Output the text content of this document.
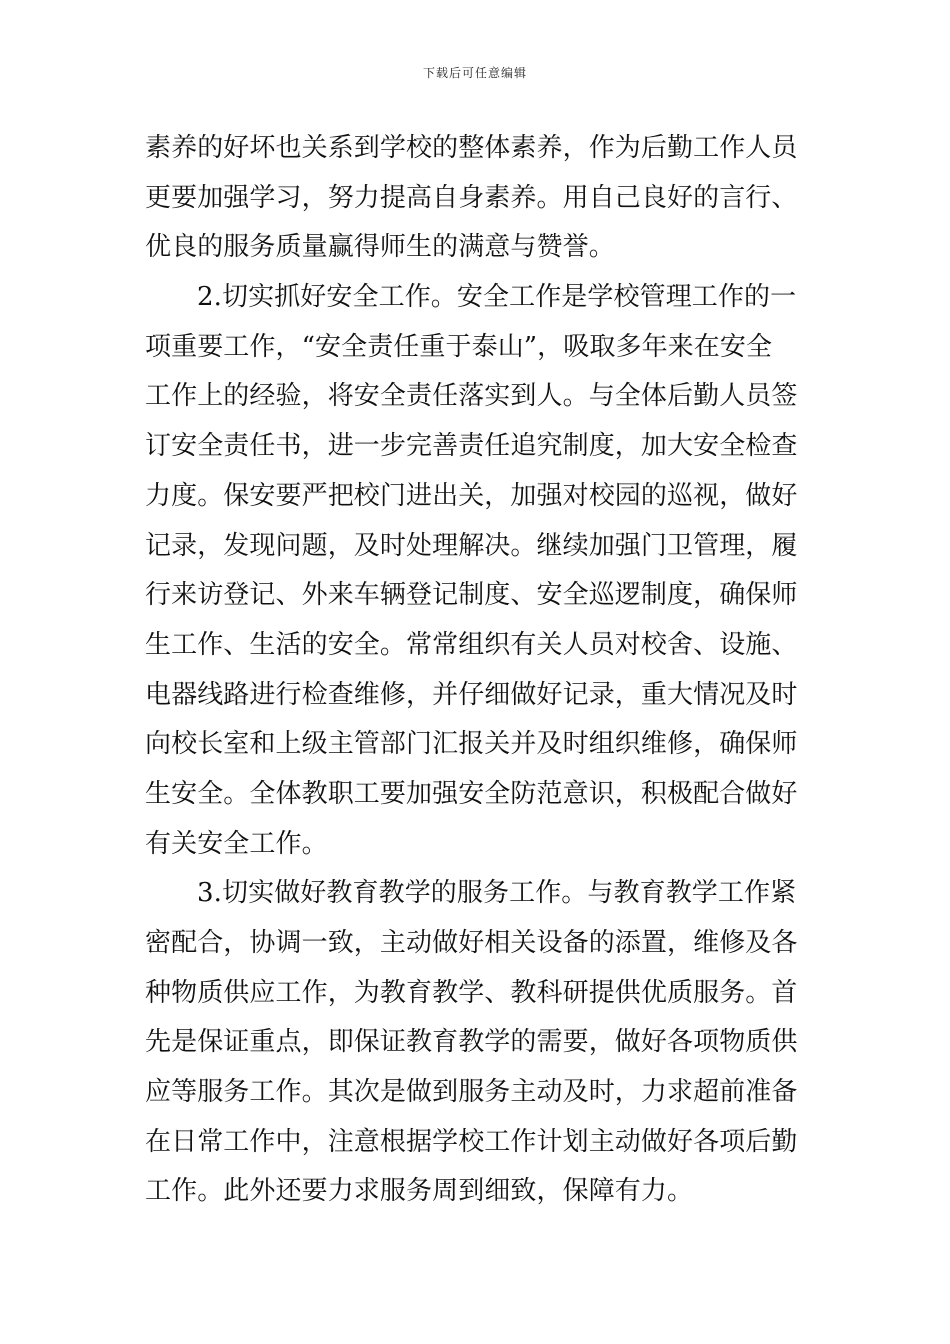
下载后可任意编辑
素养的好坏也关系到学校的整体素养，作为后勤工作人员
更要加强学习，努力提高自身素养。用自己良好的言行、
优良的服务质量赢得师生的满意与赞誉。
2.切实抓好安全工作。安全工作是学校管理工作的一
项重要工作，“安全责任重于泰山”，吸取多年来在安全
工作上的经验，将安全责任落实到人。与全体后勤人员签
订安全责任书，进一步完善责任追究制度，加大安全检查
力度。保安要严把校门进出关，加强对校园的巡视，做好
记录，发现问题，及时处理解决。继续加强门卫管理，履
行来访登记、外来车辆登记制度、安全巡逻制度，确保师
生工作、生活的安全。常常组织有关人员对校舍、设施、
电器线路进行检查维修，并仔细做好记录，重大情况及时
向校长室和上级主管部门汇报关并及时组织维修，确保师
生安全。全体教职工要加强安全防范意识，积极配合做好
有关安全工作。
3.切实做好教育教学的服务工作。与教育教学工作紧
密配合，协调一致，主动做好相关设备的添置，维修及各
种物质供应工作，为教育教学、教科研提供优质服务。首
先是保证重点，即保证教育教学的需要，做好各项物质供
应等服务工作。其次是做到服务主动及时，力求超前准备
在日常工作中，注意根据学校工作计划主动做好各项后勤
工作。此外还要力求服务周到细致，保障有力。
